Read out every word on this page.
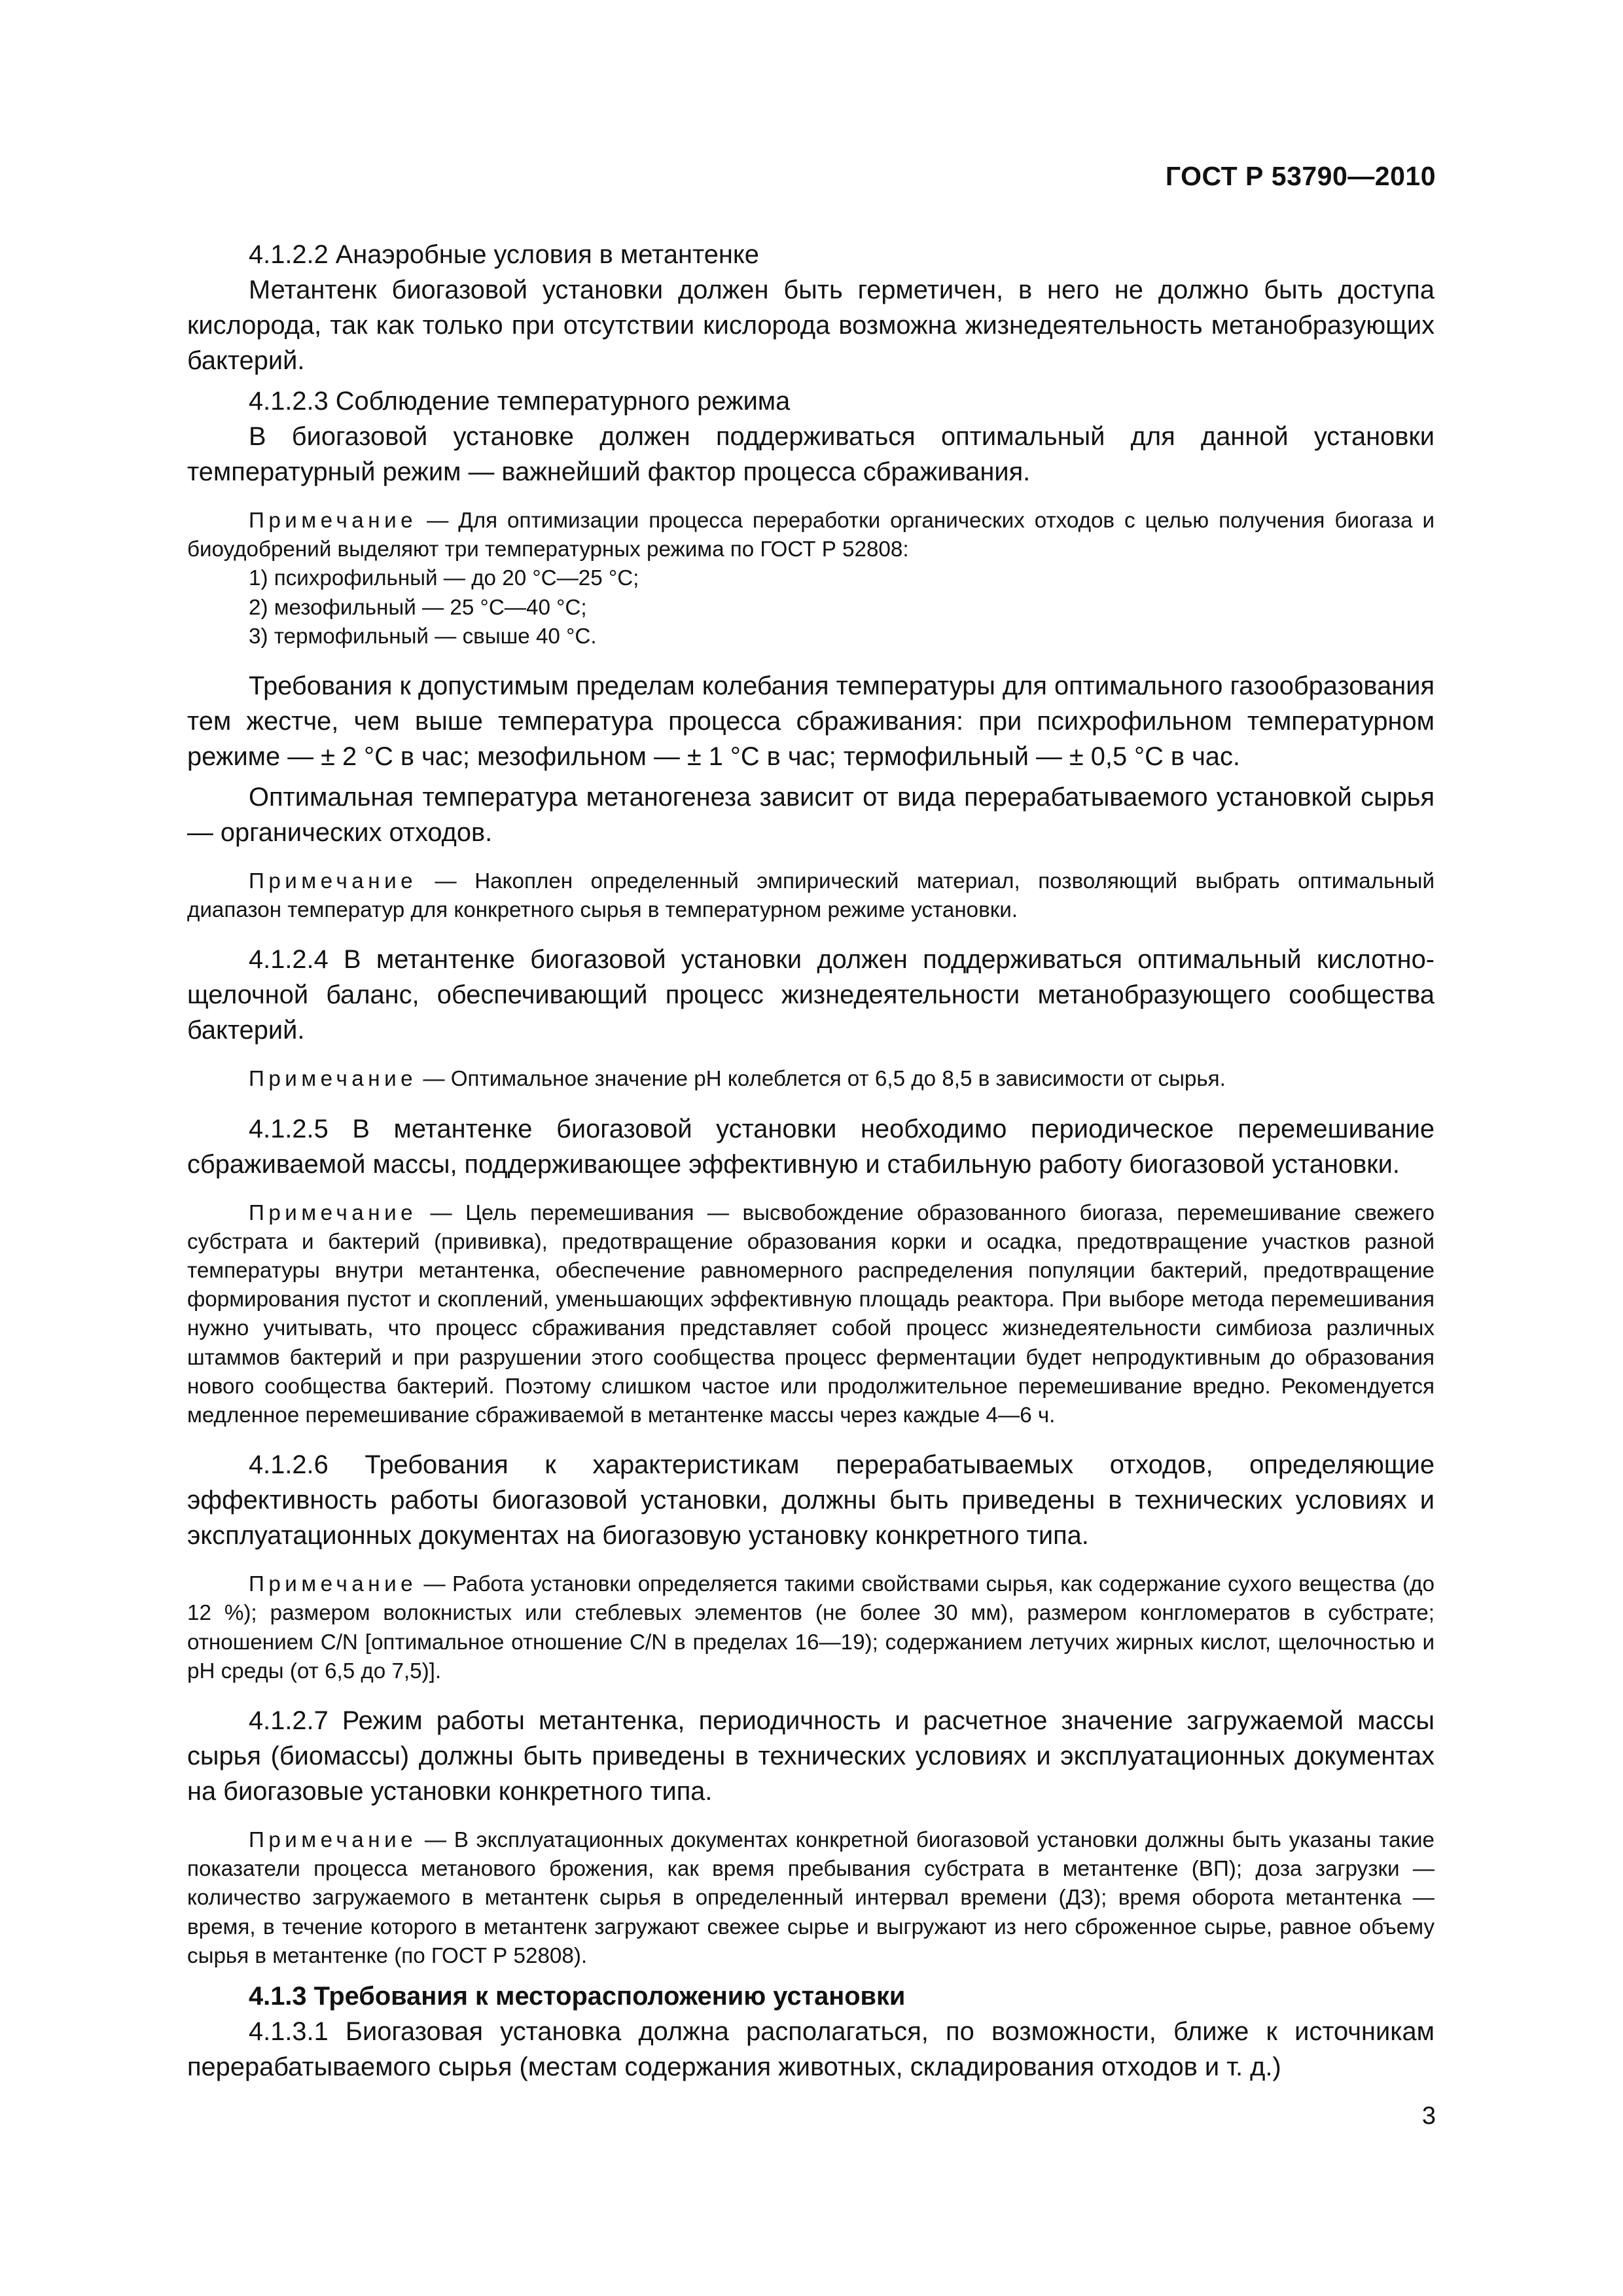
ГОСТ Р 53790—2010

4.1.2.2 Анаэробные условия в метантенке

Метантенк биогазовой установки должен быть герметичен, в него не должно быть доступа кислорода, так как только при отсутствии кислорода возможна жизнедеятельность метанобразующих бактерий.

4.1.2.3 Соблюдение температурного режима

В биогазовой установке должен поддерживаться оптимальный для данной установки температурный режим — важнейший фактор процесса сбраживания.

Примечание — Для оптимизации процесса переработки органических отходов с целью получения биогаза и биоудобрений выделяют три температурных режима по ГОСТ Р 52808:

1) психрофильный — до 20 °С—25 °С;
2) мезофильный — 25 °С—40 °С;
3) термофильный — свыше 40 °С.

Требования к допустимым пределам колебания температуры для оптимального газообразования тем жестче, чем выше температура процесса сбраживания: при психрофильном температурном режиме — ± 2 °С в час; мезофильном — ± 1 °С в час; термофильный — ± 0,5 °С в час.

Оптимальная температура метаногенеза зависит от вида перерабатываемого установкой сырья — органических отходов.

Примечание — Накоплен определенный эмпирический материал, позволяющий выбрать оптимальный диапазон температур для конкретного сырья в температурном режиме установки.

4.1.2.4 В метантенке биогазовой установки должен поддерживаться оптимальный кислотно-щелочной баланс, обеспечивающий процесс жизнедеятельности метанобразующего сообщества бактерий.

Примечание — Оптимальное значение рН колеблется от 6,5 до 8,5 в зависимости от сырья.

4.1.2.5 В метантенке биогазовой установки необходимо периодическое перемешивание сбраживаемой массы, поддерживающее эффективную и стабильную работу биогазовой установки.

Примечание — Цель перемешивания — высвобождение образованного биогаза, перемешивание свежего субстрата и бактерий (прививка), предотвращение образования корки и осадка, предотвращение участков разной температуры внутри метантенка, обеспечение равномерного распределения популяции бактерий, предотвращение формирования пустот и скоплений, уменьшающих эффективную площадь реактора. При выборе метода перемешивания нужно учитывать, что процесс сбраживания представляет собой процесс жизнедеятельности симбиоза различных штаммов бактерий и при разрушении этого сообщества процесс ферментации будет непродуктивным до образования нового сообщества бактерий. Поэтому слишком частое или продолжительное перемешивание вредно. Рекомендуется медленное перемешивание сбраживаемой в метантенке массы через каждые 4—6 ч.

4.1.2.6 Требования к характеристикам перерабатываемых отходов, определяющие эффективность работы биогазовой установки, должны быть приведены в технических условиях и эксплуатационных документах на биогазовую установку конкретного типа.

Примечание — Работа установки определяется такими свойствами сырья, как содержание сухого вещества (до 12 %); размером волокнистых или стеблевых элементов (не более 30 мм), размером конгломератов в субстрате; отношением C/N [оптимальное отношение C/N в пределах 16—19); содержанием летучих жирных кислот, щелочностью и рН среды (от 6,5 до 7,5)].

4.1.2.7 Режим работы метантенка, периодичность и расчетное значение загружаемой массы сырья (биомассы) должны быть приведены в технических условиях и эксплуатационных документах на биогазовые установки конкретного типа.

Примечание — В эксплуатационных документах конкретной биогазовой установки должны быть указаны такие показатели процесса метанового брожения, как время пребывания субстрата в метантенке (ВП); доза загрузки — количество загружаемого в метантенк сырья в определенный интервал времени (ДЗ); время оборота метантенка — время, в течение которого в метантенк загружают свежее сырье и выгружают из него сброженное сырье, равное объему сырья в метантенке (по ГОСТ Р 52808).

4.1.3 Требования к месторасположению установки

4.1.3.1 Биогазовая установка должна располагаться, по возможности, ближе к источникам перерабатываемого сырья (местам содержания животных, складирования отходов и т. д.)

3
